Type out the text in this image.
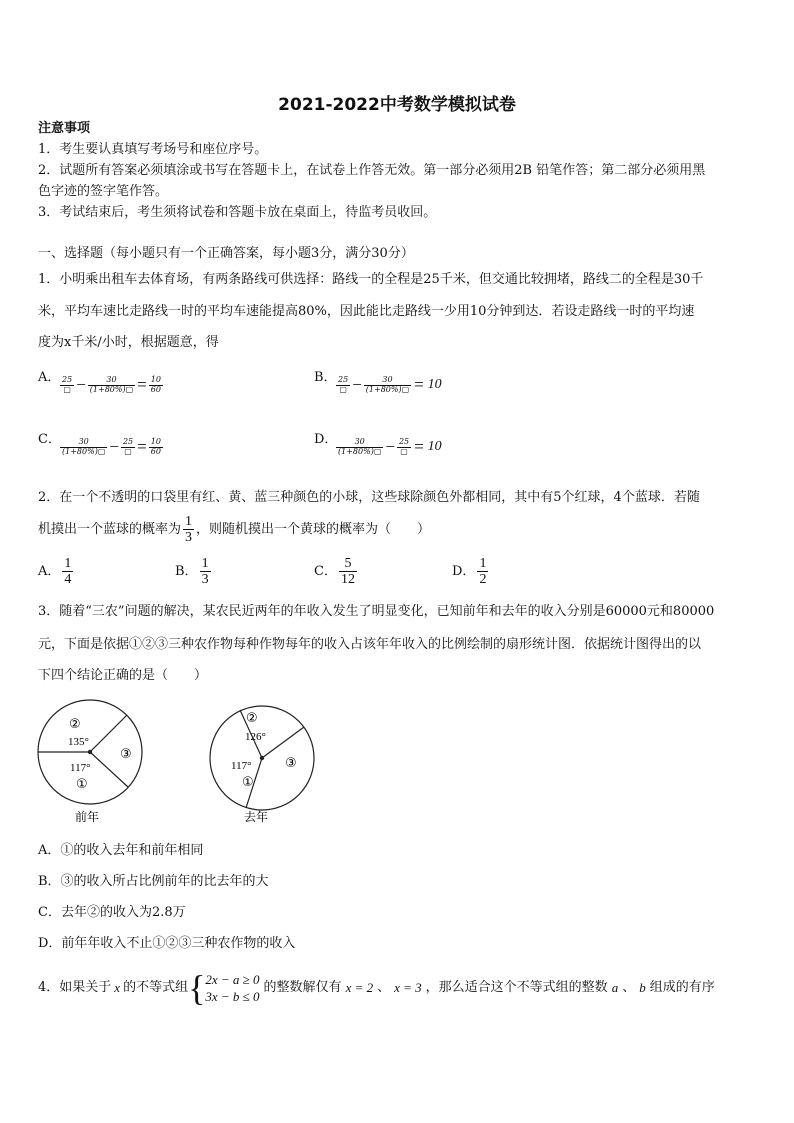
2021-2022中考数学模拟试卷
注意事项
1．考生要认真填写考场号和座位序号。
2．试题所有答案必须填涂或书写在答题卡上，在试卷上作答无效。第一部分必须用2B 铅笔作答；第二部分必须用黑
色字迹的签字笔作答。
3．考试结束后，考生须将试卷和答题卡放在桌面上，待监考员收回。
一、选择题（每小题只有一个正确答案，每小题3分，满分30分）
1．小明乘出租车去体育场，有两条路线可供选择：路线一的全程是25千米，但交通比较拥堵，路线二的全程是30千
米，平均车速比走路线一时的平均车速能提高80%，因此能比走路线一少用10分钟到达．若设走路线一时的平均速
度为x千米/小时，根据题意，得
A． $\frac{25}{▢} - \frac{30}{(1+80\%)▢} = \frac{10}{60}$	B． $\frac{25}{▢} - \frac{30}{(1+80\%)▢} = 10$
C． $\frac{30}{(1+80\%)▢} - \frac{25}{▢} = \frac{10}{60}$	D．
$\frac{30}{(1+80\%)▢} - \frac{25}{▢} = 10$
2．在一个不透明的口袋里有红、黄、蓝三种颜色的小球，这些球除颜色外都相同，其中有5个红球，4个蓝球．若随
机摸出一个蓝球的概率为 $\frac{1}{3}$ ，则随机摸出一个黄球的概率为（　　）
A． $\frac{1}{4}$	B． $\frac{1}{3}$	C． $\frac{5}{12}$	D． $\frac{1}{2}$
3．随着“三农”问题的解决，某农民近两年的年收入发生了明显变化，已知前年和去年的收入分别是60000元和80000
元，下面是依据①②③三种农作物每种作物每年的收入占该年年收入的比例绘制的扇形统计图．依据统计图得出的以
下四个结论正确的是（　　）
②
135°
③
117°
①
前年
②
126°
③
117°
①
去年
A．①的收入去年和前年相同
B．③的收入所占比例前年的比去年的大
C．去年②的收入为2.8万
D．前年年收入不止①②③三种农作物的收入
4．如果关于 x 的不等式组 { 2x − a ≥ 0
3x − b ≤ 0
的整数解仅有 x = 2 、 x = 3 ，那么适合这个不等式组的整数 a 、 b 组成的有序
